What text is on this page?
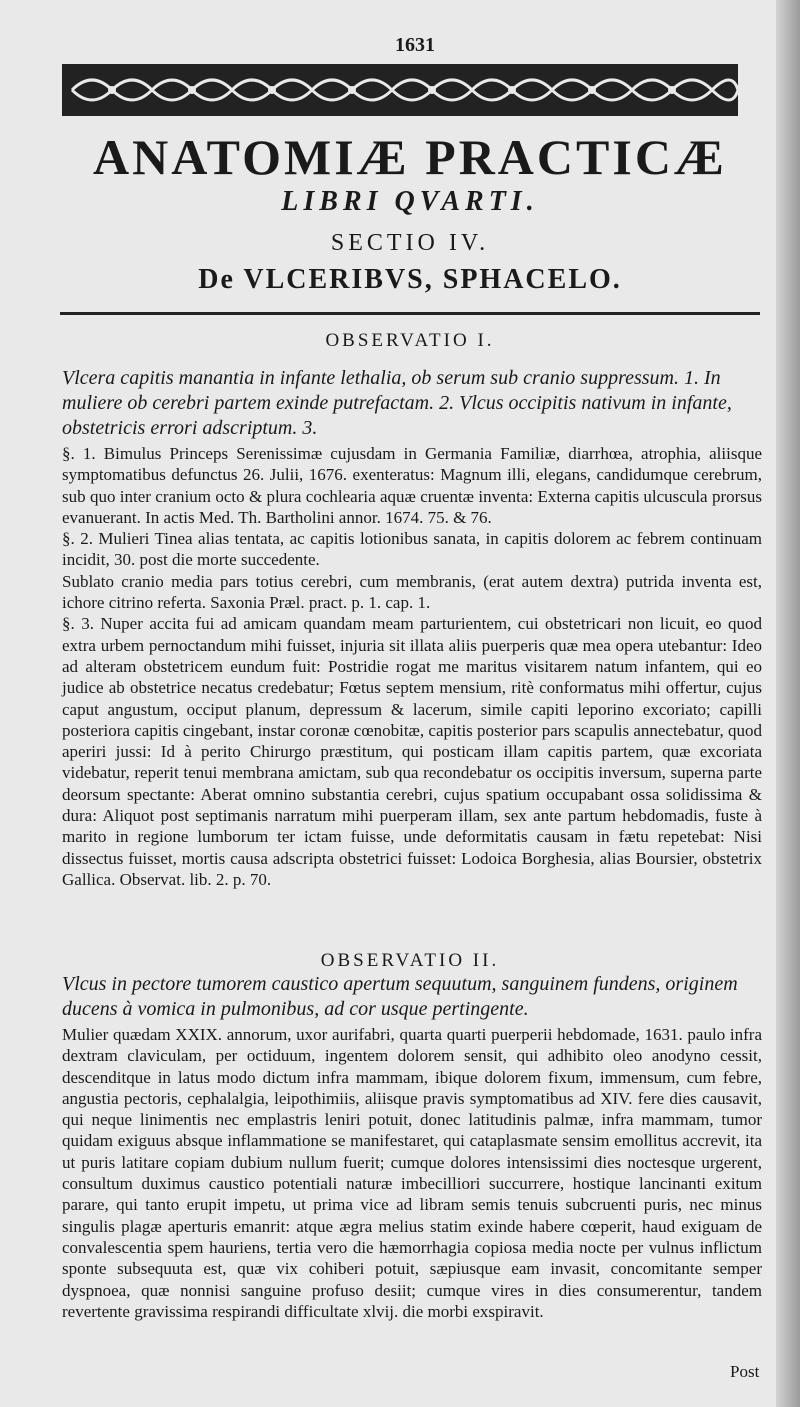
1631
ANATOMIÆ PRACTICÆ
LIBRI QVARTI.
SECTIO IV.
De VLCERIBVS, SPHACELO.
OBSERVATIO I.
Vlcera capitis manantia in infante lethalia, ob serum sub cranio suppressum. 1. In muliere ob cerebri partem exinde putrefactam. 2. Vlcus occipitis nativum in infante, obstetricis errori adscriptum. 3.

§. 1. Bimulus Princeps Serenissimæ cujusdam in Germania Familiæ, diarrhœa, atrophia, aliisque symptomatibus defunctus 26. Julii, 1676. exenteratus: Magnum illi, elegans, candidumque cerebrum, sub quo inter cranium octo & plura cochlearia aquæ cruentæ inventa: Externa capitis ulcuscula prorsus evanuerant. In actis Med. Th. Bartholini annor. 1674. 75. & 76.

§. 2. Mulieri Tinea alias tentata, ac capitis lotionibus sanata, in capitis dolorem ac febrem continuam incidit, 30. post die morte succedente.

Sublato cranio media pars totius cerebri, cum membranis, (erat autem dextra) putrida inventa est, ichore citrino referta. Saxonia Præl. pract. p. 1. cap. 1.

§. 3. Nuper accita fui ad amicam quandam meam parturientem, cui obstetricari non licuit, eo quod extra urbem pernoctandum mihi fuisset, injuria sit illata aliis puerperis quæ mea opera utebantur: Ideo ad alteram obstetricem eundum fuit: Postridie rogat me maritus visitarem natum infantem, qui eo judice ab obstetrice necatus credebatur; Fœtus septem mensium, ritè conformatus mihi offertur, cujus caput angustum, occiput planum, depressum & lacerum, simile capiti leporino excoriato; capilli posteriora capitis cingebant, instar coronæ cœnobitæ, capitis posterior pars scapulis annectebatur, quod aperiri jussi: Id à perito Chirurgo præstitum, qui posticam illam capitis partem, quæ excoriata videbatur, reperit tenui membrana amictam, sub qua recondebatur os occipitis inversum, superna parte deorsum spectante: Aberat omnino substantia cerebri, cujus spatium occupabant ossa solidissima & dura: Aliquot post septimanis narratum mihi puerperam illam, sex ante partum hebdomadis, fuste à marito in regione lumborum ter ictam fuisse, unde deformitatis causam in fætu repetebat: Nisi dissectus fuisset, mortis causa adscripta obstetrici fuisset: Lodoica Borghesia, alias Boursier, obstetrix Gallica. Observat. lib. 2. p. 70.

OBSERVATIO II.
Vlcus in pectore tumorem caustico apertum sequutum, sanguinem fundens, originem ducens à vomica in pulmonibus, ad cor usque pertingente.

Mulier quædam XXIX. annorum, uxor aurifabri, quarta quarti puerperii hebdomade, 1631. paulo infra dextram claviculam, per octiduum, ingentem dolorem sensit, qui adhibito oleo anodyno cessit, descenditque in latus modo dictum infra mammam, ibique dolorem fixum, immensum, cum febre, angustia pectoris, cephalalgia, leipothimiis, aliisque pravis symptomatibus ad XIV. fere dies causavit, qui neque linimentis nec emplastris leniri potuit, donec latitudinis palmæ, infra mammam, tumor quidam exiguus absque inflammatione se manifestaret, qui cataplasmate sensim emollitus accrevit, ita ut puris latitare copiam dubium nullum fuerit; cumque dolores intensissimi dies noctesque urgerent, consultum duximus caustico potentiali naturæ imbecilliori succurrere, hostique lancinanti exitum parare, qui tanto erupit impetu, ut prima vice ad libram semis tenuis subcruenti puris, nec minus singulis plagæ aperturis emanrit: atque ægra melius statim exinde habere cœperit, haud exiguam de convalescentia spem hauriens, tertia vero die hæmorrhagia copiosa media nocte per vulnus inflictum sponte subsequuta est, quæ vix cohiberi potuit, sæpiusque eam invasit, concomitante semper dyspnoea, quæ nonnisi sanguine profuso desiit; cumque vires in dies consumerentur, tandem revertente gravissima respirandi difficultate xlvij. die morbi exspiravit.

Post
